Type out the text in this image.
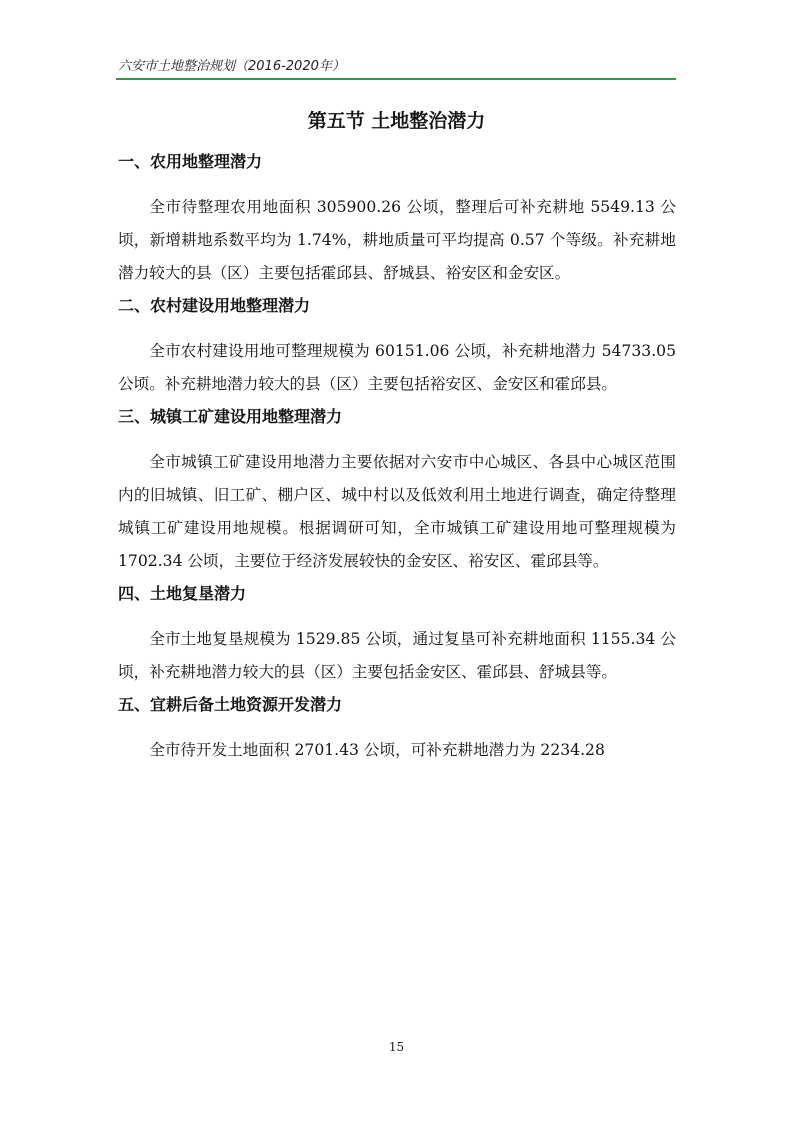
六安市土地整治规划（2016-2020年）
第五节 土地整治潜力
一、农用地整理潜力

全市待整理农用地面积 305900.26 公顷，整理后可补充耕地 5549.13 公顷，新增耕地系数平均为 1.74%，耕地质量可平均提高 0.57 个等级。补充耕地潜力较大的县（区）主要包括霍邱县、舒城县、裕安区和金安区。

二、农村建设用地整理潜力

全市农村建设用地可整理规模为 60151.06 公顷，补充耕地潜力 54733.05 公顷。补充耕地潜力较大的县（区）主要包括裕安区、金安区和霍邱县。

三、城镇工矿建设用地整理潜力

全市城镇工矿建设用地潜力主要依据对六安市中心城区、各县中心城区范围内的旧城镇、旧工矿、棚户区、城中村以及低效利用土地进行调查，确定待整理城镇工矿建设用地规模。根据调研可知，全市城镇工矿建设用地可整理规模为 1702.34 公顷，主要位于经济发展较快的金安区、裕安区、霍邱县等。

四、土地复垦潜力

全市土地复垦规模为 1529.85 公顷，通过复垦可补充耕地面积 1155.34 公顷，补充耕地潜力较大的县（区）主要包括金安区、霍邱县、舒城县等。

五、宜耕后备土地资源开发潜力

全市待开发土地面积 2701.43 公顷，可补充耕地潜力为 2234.28

15
